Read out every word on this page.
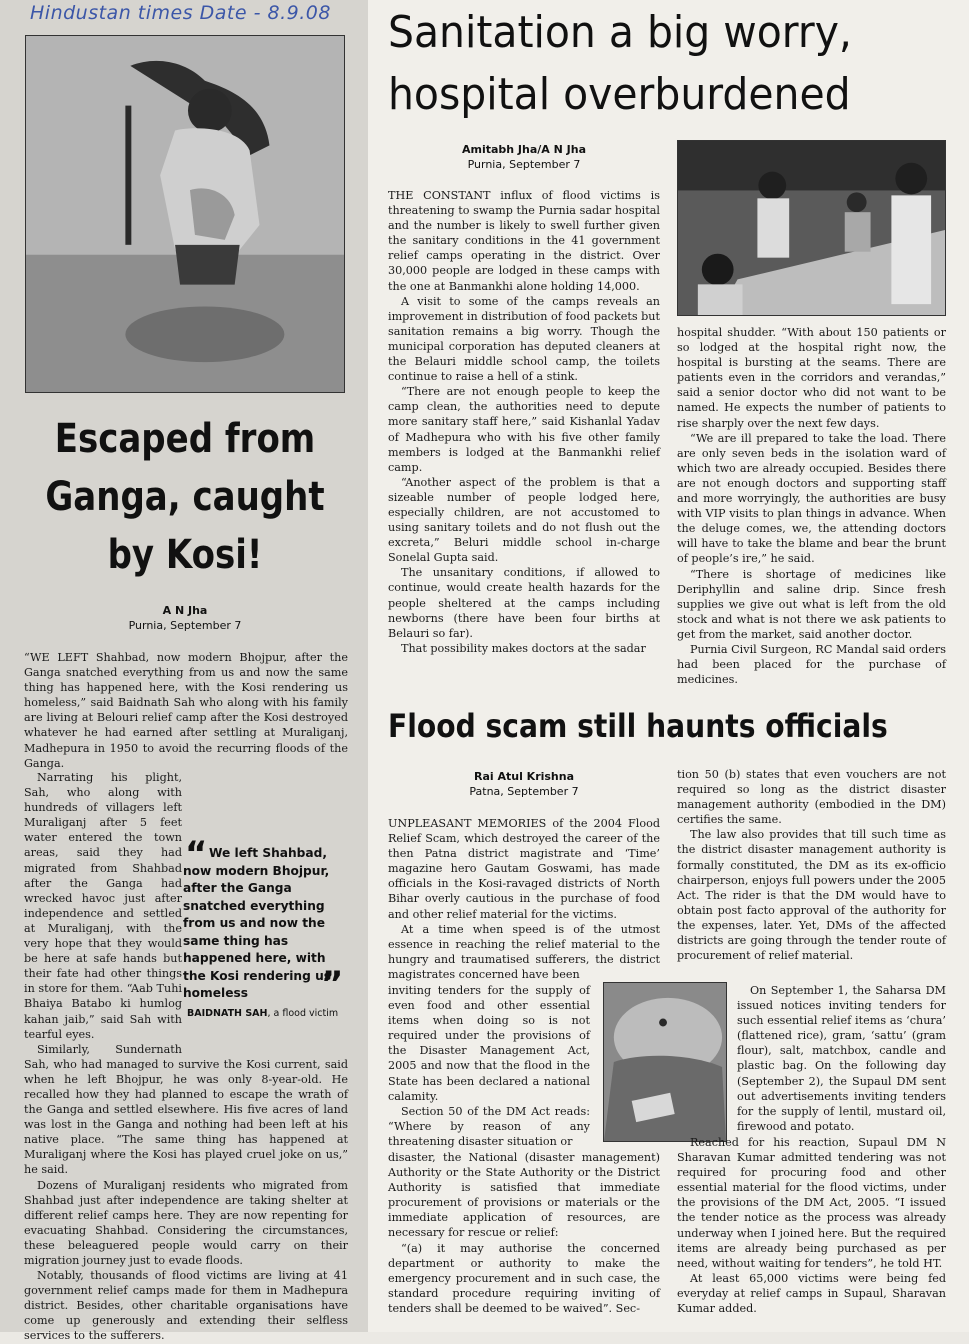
Hindustan times Date - 8.9.08
Escaped from
Ganga, caught
by Kosi!
A N Jha
Purnia, September 7

“WE LEFT Shahbad, now modern Bhojpur, after the Ganga snatched everything from us and now the same thing has happened here, with the Kosi rendering us homeless,” said Baidnath Sah who along with his family are living at Belouri relief camp after the Kosi destroyed whatever he had earned after settling at Muraliganj, Madhepura in 1950 to avoid the recurring floods of the Ganga.

Narrating his plight, Sah, who along with hundreds of villagers left Muraliganj after 5 feet water entered the town areas, said they had migrated from Shahbad after the Ganga had wrecked havoc just after independence and settled at Muraliganj, with the very hope that they would be here at safe hands but their fate had other things in store for them. “Aab Tuhi Bhaiya Batabo ki humlog kahan jaib,” said Sah with tearful eyes.

Similarly, Sundernath Sah, who had managed to survive the Kosi current, said when he left Bhojpur, he was only 8-year-old. He recalled how they had planned to escape the wrath of the Ganga and settled elsewhere. His five acres of land was lost in the Ganga and nothing had been left at his native place. “The same thing has happened at Muraliganj where the Kosi has played cruel joke on us,” he said.

Dozens of Muraliganj residents who migrated from Shahbad just after independence are taking shelter at different relief camps here. They are now repenting for evacuating Shahbad. Considering the circumstances, these beleaguered people would carry on their migration journey just to evade floods.

Notably, thousands of flood victims are living at 41 government relief camps made for them in Madhepura district. Besides, other charitable organisations have come up generously and extending their selfless services to the sufferers.

“ We left Shahbad, now modern Bhojpur, after the Ganga snatched everything from us and now the same thing has happened here, with the Kosi rendering us homeless	”
BAIDNATH SAH, a flood victim
Sanitation a big worry,
hospital overburdened
Amitabh Jha/A N Jha
Purnia, September 7

THE CONSTANT influx of flood victims is threatening to swamp the Purnia sadar hospital and the number is likely to swell further given the sanitary conditions in the 41 government relief camps operating in the district. Over 30,000 people are lodged in these camps with the one at Banmankhi alone holding 14,000.

A visit to some of the camps reveals an improvement in distribution of food packets but sanitation remains a big worry. Though the municipal corporation has deputed cleaners at the Belauri middle school camp, the toilets continue to raise a hell of a stink.

“There are not enough people to keep the camp clean, the authorities need to depute more sanitary staff here,” said Kishanlal Yadav of Madhepura who with his five other family members is lodged at the Banmankhi relief camp.

“Another aspect of the problem is that a sizeable number of people lodged here, especially children, are not accustomed to using sanitary toilets and do not flush out the excreta,” Beluri middle school in-charge Sonelal Gupta said.

The unsanitary conditions, if allowed to continue, would create health hazards for the people sheltered at the camps including newborns (there have been four births at Belauri so far).

That possibility makes doctors at the sadar

hospital shudder. “With about 150 patients or so lodged at the hospital right now, the hospital is bursting at the seams. There are patients even in the corridors and verandas,” said a senior doctor who did not want to be named. He expects the number of patients to rise sharply over the next few days.

“We are ill prepared to take the load. There are only seven beds in the isolation ward of which two are already occupied. Besides there are not enough doctors and supporting staff and more worryingly, the authorities are busy with VIP visits to plan things in advance. When the deluge comes, we, the attending doctors will have to take the blame and bear the brunt of people’s ire,” he said.

“There is shortage of medicines like Deriphyllin and saline drip. Since fresh supplies we give out what is left from the old stock and what is not there we ask patients to get from the market, said another doctor.

Purnia Civil Surgeon, RC Mandal said orders had been placed for the purchase of medicines.

Flood scam still haunts officials
Rai Atul Krishna
Patna, September 7

UNPLEASANT MEMORIES of the 2004 Flood Relief Scam, which destroyed the career of the then Patna district magistrate and ‘Time’ magazine hero Gautam Goswami, has made officials in the Kosi-ravaged districts of North Bihar overly cautious in the purchase of food and other relief material for the victims.

At a time when speed is of the utmost essence in reaching the relief material to the hungry and traumatised sufferers, the district magistrates concerned have been

inviting tenders for the supply of even food and other essential items when doing so is not required under the provisions of the Disaster Management Act, 2005 and now that the flood in the State has been declared a national calamity.

Section 50 of the DM Act reads: “Where by reason of any threatening disaster situation or

disaster, the National (disaster management) Authority or the State Authority or the District Authority is satisfied that immediate procurement of provisions or materials or the immediate application of resources, are necessary for rescue or relief:

“(a) it may authorise the concerned department or authority to make the emergency procurement and in such case, the standard procedure requiring inviting of tenders shall be deemed to be waived”. Sec-

tion 50 (b) states that even vouchers are not required so long as the district disaster management authority (embodied in the DM) certifies the same.

The law also provides that till such time as the district disaster management authority is formally constituted, the DM as its ex-officio chairperson, enjoys full powers under the 2005 Act. The rider is that the DM would have to obtain post facto approval of the authority for the expenses, later. Yet, DMs of the affected districts are going through the tender route of procurement of relief material.

On September 1, the Saharsa DM issued notices inviting tenders for such essential relief items as ‘chura’ (flattened rice), gram, ‘sattu’ (gram flour), salt, matchbox, candle and plastic bag. On the following day (September 2), the Supaul DM sent out advertisements inviting tenders for the supply of lentil, mustard oil, firewood and potato.

Reached for his reaction, Supaul DM N Sharavan Kumar admitted tendering was not required for procuring food and other essential material for the flood victims, under the provisions of the DM Act, 2005. “I issued the tender notice as the process was already underway when I joined here. But the required items are already being purchased as per need, without waiting for tenders”, he told HT.

At least 65,000 victims were being fed everyday at relief camps in Supaul, Sharavan Kumar added.
